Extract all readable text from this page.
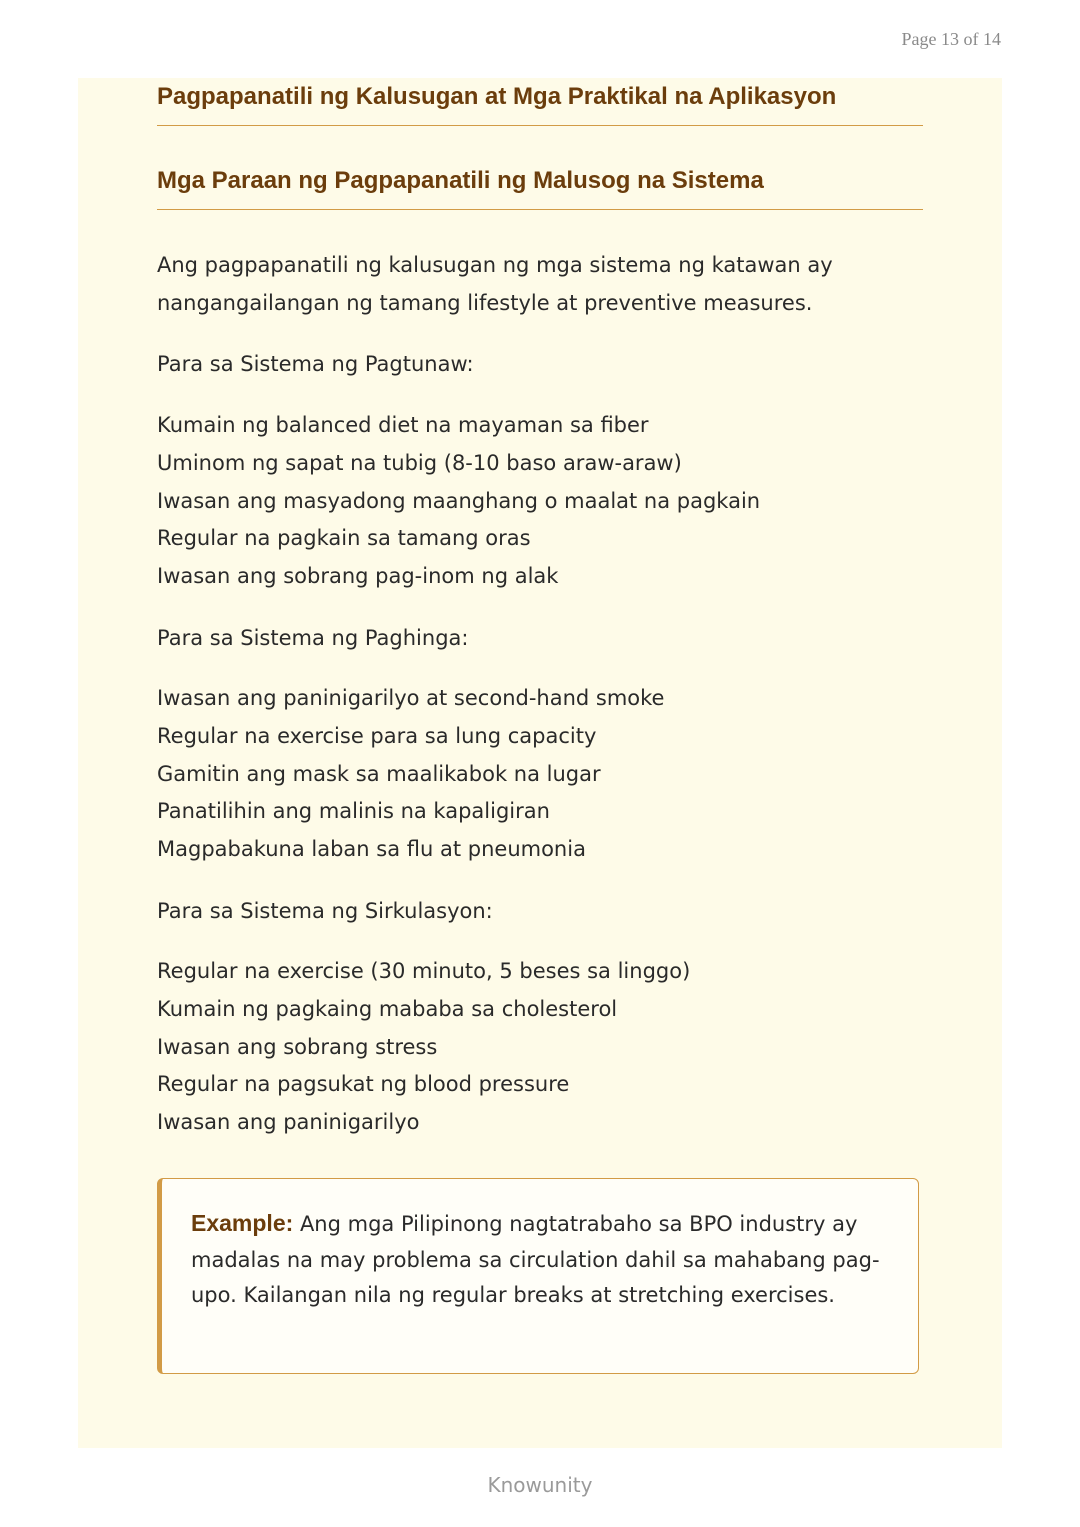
Page 13 of 14
Pagpapanatili ng Kalusugan at Mga Praktikal na Aplikasyon
Mga Paraan ng Pagpapanatili ng Malusog na Sistema

Ang pagpapanatili ng kalusugan ng mga sistema ng katawan ay nangangailangan ng tamang lifestyle at preventive measures.

Para sa Sistema ng Pagtunaw:
Kumain ng balanced diet na mayaman sa fiber
Uminom ng sapat na tubig (8-10 baso araw-araw)
Iwasan ang masyadong maanghang o maalat na pagkain
Regular na pagkain sa tamang oras
Iwasan ang sobrang pag-inom ng alak
Para sa Sistema ng Paghinga:
Iwasan ang paninigarilyo at second-hand smoke
Regular na exercise para sa lung capacity
Gamitin ang mask sa maalikabok na lugar
Panatilihin ang malinis na kapaligiran
Magpabakuna laban sa flu at pneumonia
Para sa Sistema ng Sirkulasyon:
Regular na exercise (30 minuto, 5 beses sa linggo)
Kumain ng pagkaing mababa sa cholesterol
Iwasan ang sobrang stress
Regular na pagsukat ng blood pressure
Iwasan ang paninigarilyo
Example: Ang mga Pilipinong nagtatrabaho sa BPO industry ay madalas na may problema sa circulation dahil sa mahabang pag-upo. Kailangan nila ng regular breaks at stretching exercises.
Knowunity
